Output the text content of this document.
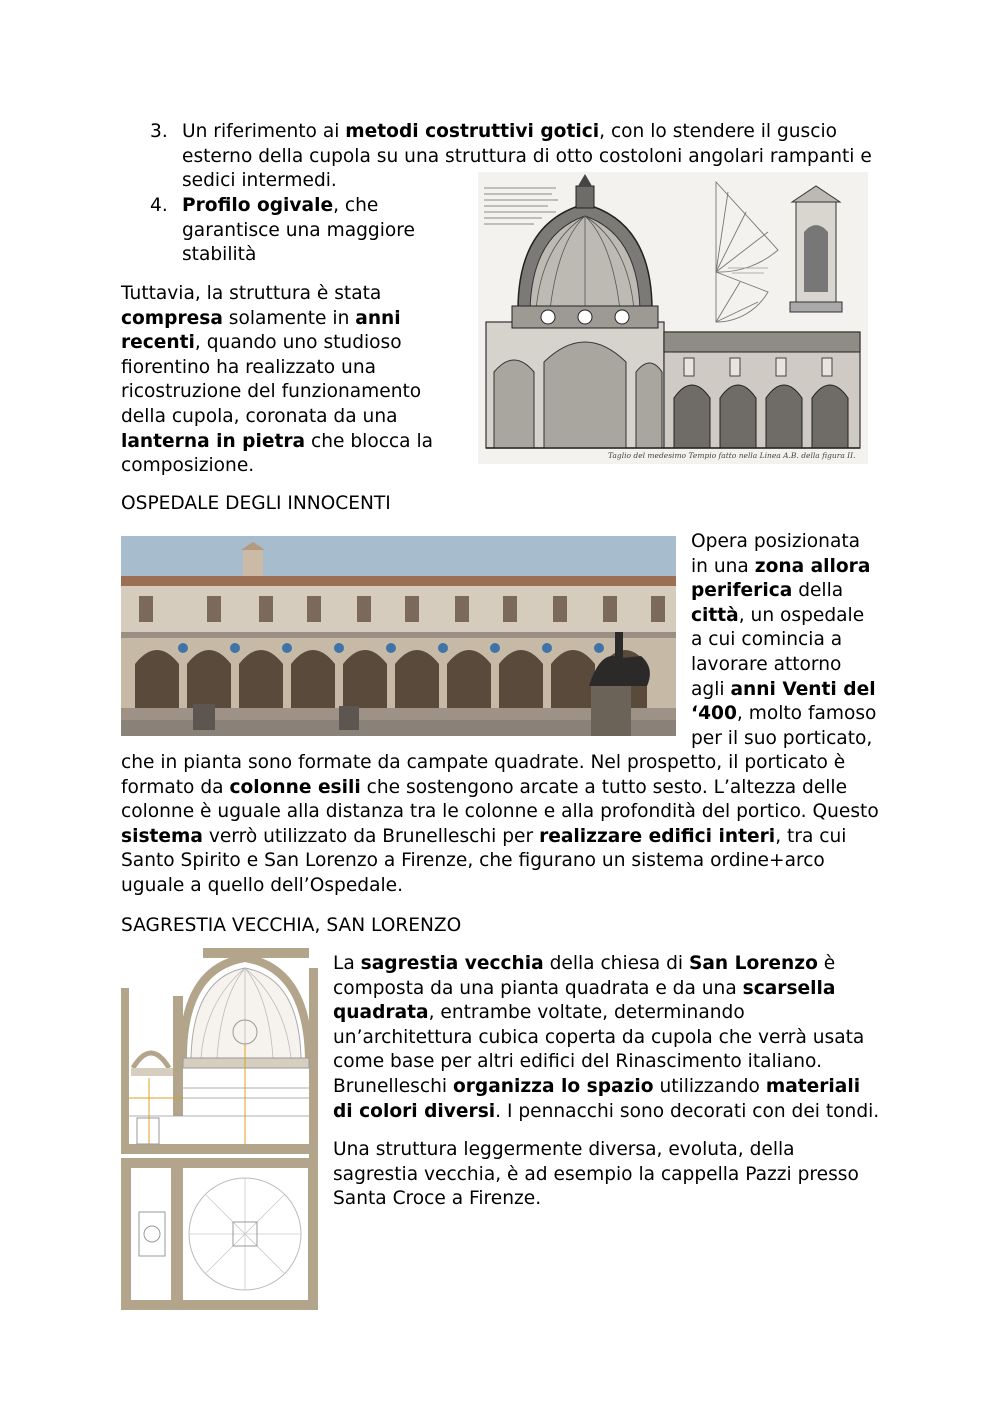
3. Un riferimento ai metodi costruttivi gotici, con lo stendere il guscio
esterno della cupola su una struttura di otto costoloni angolari rampanti e
sedici intermedi.
4. Profilo ogivale, che
garantisce una maggiore
stabilità
Tuttavia, la struttura è stata
compresa solamente in anni
recenti, quando uno studioso
fiorentino ha realizzato una
ricostruzione del funzionamento
della cupola, coronata da una
lanterna in pietra che blocca la
composizione.	Taglio del medesimo Tempio fatto nella Linea A.B. della figura II.
OSPEDALE DEGLI INNOCENTI
Opera posizionata
in una zona allora
periferica della
città, un ospedale
a cui comincia a
lavorare attorno
agli anni Venti del
‘400, molto famoso
per il suo porticato,
che in pianta sono formate da campate quadrate. Nel prospetto, il porticato è
formato da colonne esili che sostengono arcate a tutto sesto. L’altezza delle
colonne è uguale alla distanza tra le colonne e alla profondità del portico. Questo
sistema verrò utilizzato da Brunelleschi per realizzare edifici interi, tra cui
Santo Spirito e San Lorenzo a Firenze, che figurano un sistema ordine+arco
uguale a quello dell’Ospedale.
SAGRESTIA VECCHIA, SAN LORENZO
La sagrestia vecchia della chiesa di San Lorenzo è
composta da una pianta quadrata e da una scarsella
quadrata, entrambe voltate, determinando
un’architettura cubica coperta da cupola che verrà usata
come base per altri edifici del Rinascimento italiano.
Brunelleschi organizza lo spazio utilizzando materiali
di colori diversi. I pennacchi sono decorati con dei tondi.
Una struttura leggermente diversa, evoluta, della
sagrestia vecchia, è ad esempio la cappella Pazzi presso
Santa Croce a Firenze.
